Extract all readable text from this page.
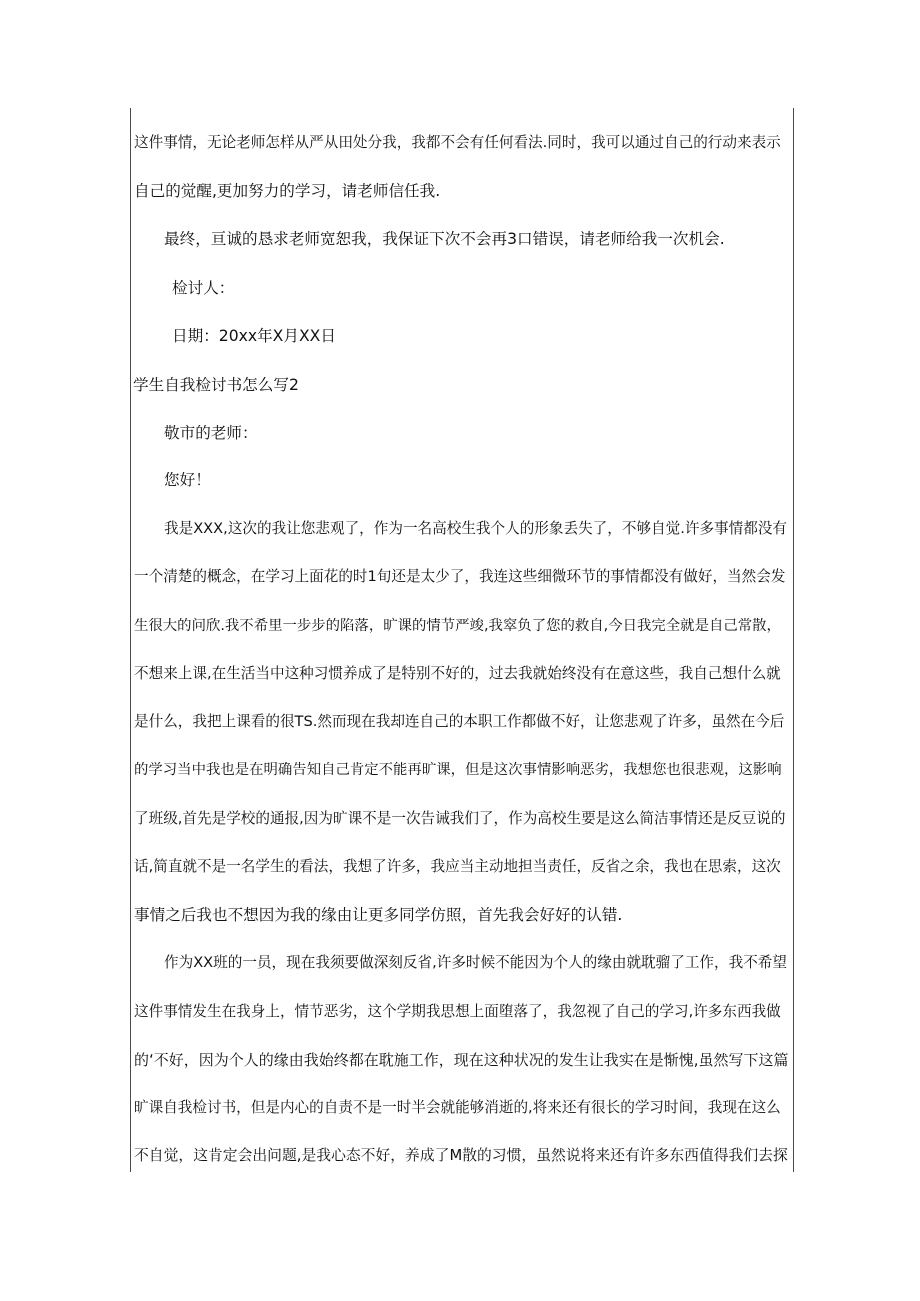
这件事情，无论老师怎样从严从田处分我，我都不会有任何看法.同时，我可以通过自己的行动来表示
自己的觉醒,更加努力的学习，请老师信任我.
最终，亘诚的恳求老师宽恕我，我保证下次不会再3口错误，请老师给我一次机会.
检讨人：
日期：20xx年X月XX日
学生自我检讨书怎么写2
敬市的老师：
您好！
我是XXX,这次的我让您悲观了，作为一名高校生我个人的形象丢失了，不够自觉.许多事情都没有
一个清楚的概念，在学习上面花的时1旬还是太少了，我连这些细微环节的事情都没有做好，当然会发
生很大的问欣.我不希里一步步的陷落，旷课的情节严竣,我窣负了您的救自,今日我完全就是自己常散，
不想来上课,在生活当中这种习惯养成了是特别不好的，过去我就始终没有在意这些，我自己想什么就
是什么，我把上课看的很TS.然而现在我却连自己的本职工作都做不好，让您悲观了许多，虽然在今后
的学习当中我也是在明确告知自己肯定不能再旷课，但是这次事情影响恶劣，我想您也很悲观，这影响
了班级,首先是学校的通报,因为旷课不是一次告诫我们了，作为高校生要是这么简洁事情还是反豆说的
话,简直就不是一名学生的看法，我想了许多，我应当主动地担当责任，反省之余，我也在思索，这次
事情之后我也不想因为我的缘由让更多同学仿照，首先我会好好的认错.
作为XX班的一员，现在我须要做深刻反省,许多时候不能因为个人的缘由就耽骝了工作，我不希望
这件事情发生在我身上，情节恶劣，这个学期我思想上面堕落了，我忽视了自己的学习,许多东西我做
的‘不好，因为个人的缘由我始终都在耽施工作，现在这种状况的发生让我实在是惭愧,虽然写下这篇
旷课自我检讨书，但是内心的自责不是一时半会就能够消逝的,将来还有很长的学习时间，我现在这么
不自觉，这肯定会出问题,是我心态不好，养成了M散的习惯，虽然说将来还有许多东西值得我们去探
